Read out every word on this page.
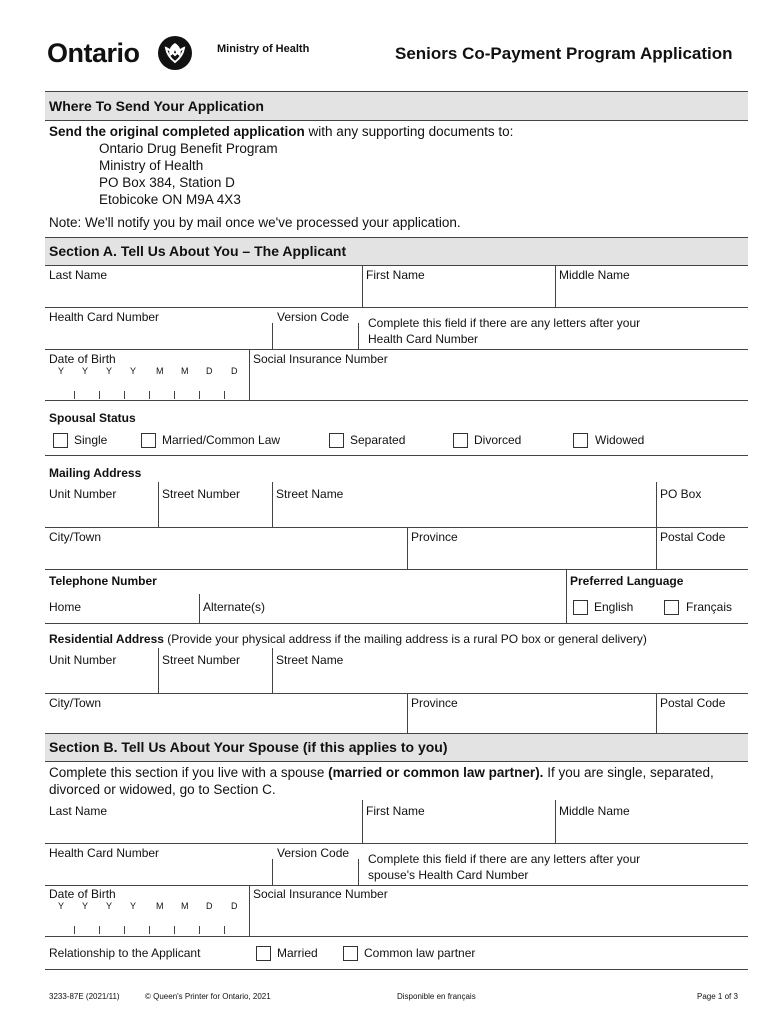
Ontario	Ministry of Health	Seniors Co-Payment Program Application
Where To Send Your Application
Send the original completed application with any supporting documents to:
Ontario Drug Benefit Program
Ministry of Health
PO Box 384, Station D
Etobicoke ON M9A 4X3
Note: We'll notify you by mail once we've processed your application.
Section A. Tell Us About You – The Applicant
Last Name	First Name	Middle Name
Health Card Number	Version Code Complete this field if there are any letters after your Health Card Number
Date of Birth
Y Y Y Y M M D D
Social Insurance Number
Spousal Status
Single	Married/Common Law	Separated	Divorced	Widowed
Mailing Address
Unit Number	Street Number	Street Name	PO Box
City/Town	Province	Postal Code
Telephone Number	Preferred Language
Home	Alternate(s)	English	Français
Residential Address (Provide your physical address if the mailing address is a rural PO box or general delivery)
Unit Number	Street Number	Street Name
City/Town	Province	Postal Code
Section B. Tell Us About Your Spouse (if this applies to you)
Complete this section if you live with a spouse (married or common law partner). If you are single, separated,
divorced or widowed, go to Section C.
Last Name	First Name	Middle Name
Health Card Number	Version Code Complete this field if there are any letters after your spouse's Health Card Number
Date of Birth
Y Y Y Y M M D D
Social Insurance Number
Relationship to the Applicant	Married	Common law partner
3233-87E (2021/11)	© Queen's Printer for Ontario, 2021	Disponible en français	Page 1 of 3
